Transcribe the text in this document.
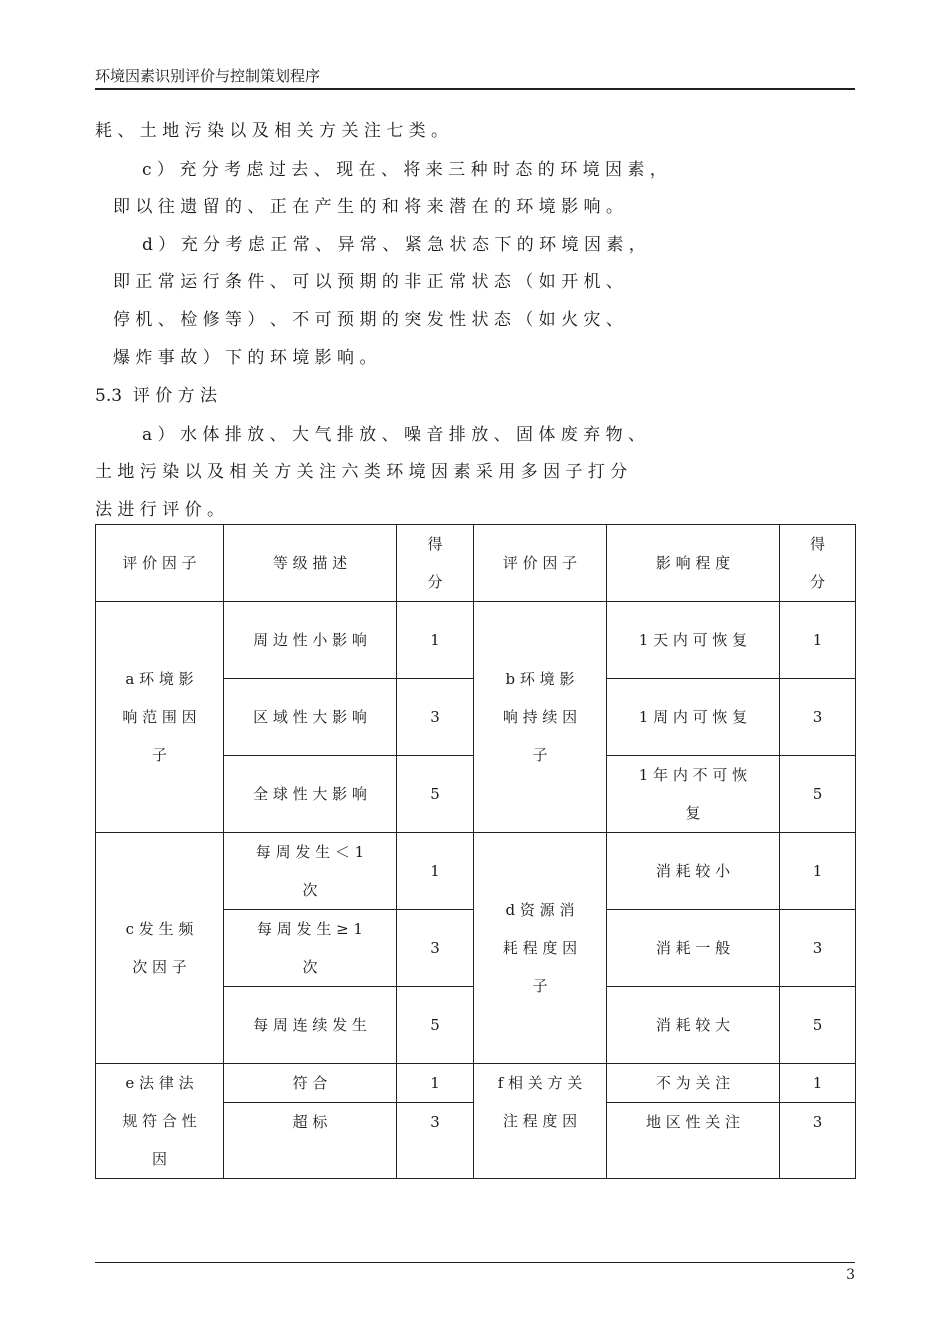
环境因素识别评价与控制策划程序
耗 、 土 地 污 染 以 及 相 关 方 关 注 七 类 。
c ） 充 分 考 虑 过 去 、 现 在 、 将 来 三 种 时 态 的 环 境 因 素 ，
即 以 往 遗 留 的 、 正 在 产 生 的 和 将 来 潜 在 的 环 境 影 响 。
d ） 充 分 考 虑 正 常 、 异 常 、 紧 急 状 态 下 的 环 境 因 素 ，
即 正 常 运 行 条 件 、 可 以 预 期 的 非 正 常 状 态 （ 如 开 机 、
停 机 、 检 修 等 ） 、 不 可 预 期 的 突 发 性 状 态 （ 如 火 灾 、
爆 炸 事 故 ） 下 的 环 境 影 响 。
5.3  评 价 方 法
a ） 水 体 排 放 、 大 气 排 放 、 噪 音 排 放 、 固 体 废 弃 物 、
土 地 污 染 以 及 相 关 方 关 注 六 类 环 境 因 素 采 用 多 因 子 打 分
法 进 行 评 价 。
评 价 因 子	等 级 描 述	得 分	评 价 因 子	影 响 程 度	得 分
a 环 境 影 响 范 围 因 子	周 边 性 小 影 响	1	b 环 境 影 响 持 续 因 子	1 天 内 可 恢 复	1
	区 域 性 大 影 响	3		1 周 内 可 恢 复	3
	全 球 性 大 影 响	5		1 年 内 不 可 恢 复	5
c 发 生 频 次 因 子	每 周 发 生 ＜ 1 次	1	d 资 源 消 耗 程 度 因 子	消 耗 较 小	1
	每 周 发 生 ≥ 1 次	3		消 耗 一 般	3
	每 周 连 续 发 生	5		消 耗 较 大	5
e 法 律 法 规 符 合 性 因	符 合	1	f 相 关 方 关 注 程 度 因	不 为 关 注	1
	超 标	3		地 区 性 关 注	3
3
